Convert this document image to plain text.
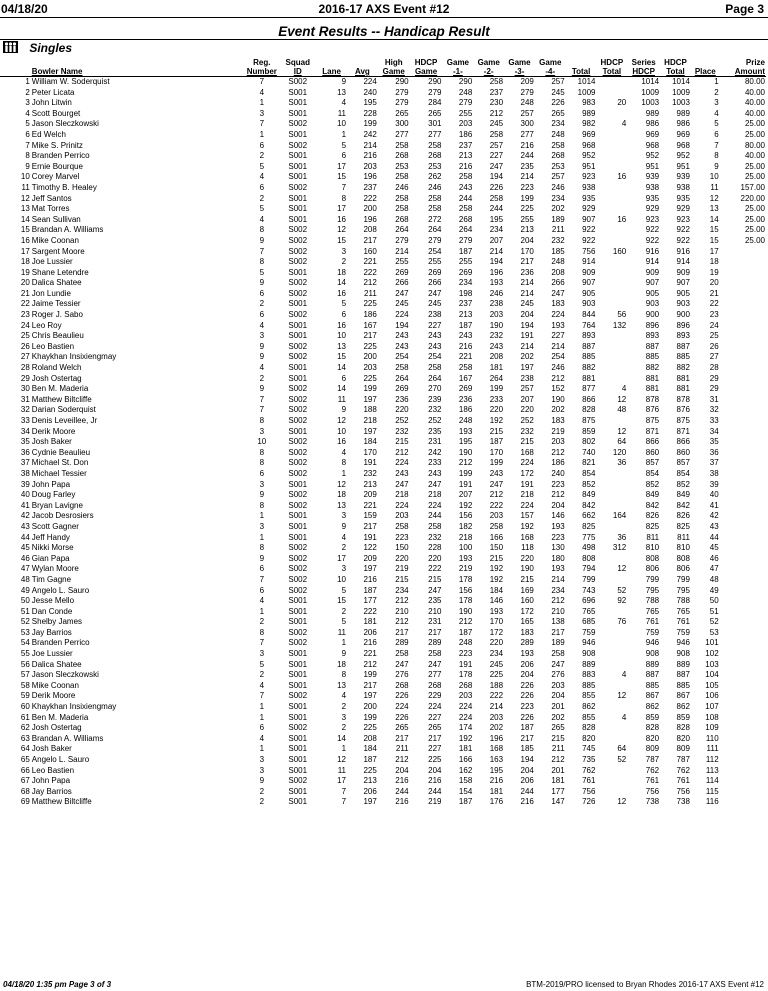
04/18/20	2016-17 AXS Event #12	Page 3
Event Results -- Handicap Result
Singles
		Reg.	Squad			High	HDCP	Game	Game	Game	Game		HDCP	Series	HDCP		Prize
	Bowler Name	Number	ID	Lane	Avg	Game	Game	-1-	-2-	-3-	-4-	Total	Total	HDCP	Total	Place	Amount
1	William W. Soderquist	7	S002	9	224	290	290	290	258	209	257	1014		1014	1014	1	80.00
2	Peter Licata	4	S001	13	240	279	279	248	237	279	245	1009		1009	1009	2	40.00
3	John Litwin	1	S001	4	195	279	284	279	230	248	226	983	20	1003	1003	3	40.00
4	Scott Bourget	3	S001	11	228	265	265	255	212	257	265	989		989	989	4	40.00
5	Jason Sleczkowski	7	S002	10	199	300	301	203	245	300	234	982	4	986	986	5	25.00
6	Ed Welch	1	S001	1	242	277	277	186	258	277	248	969		969	969	6	25.00
7	Mike S. Prinitz	6	S002	5	214	258	258	237	257	216	258	968		968	968	7	80.00
8	Branden Perrico	2	S001	6	216	268	268	213	227	244	268	952		952	952	8	40.00
9	Ernie Bourque	5	S001	17	203	253	253	216	247	235	253	951		951	951	9	25.00
10	Corey Marvel	4	S001	15	196	258	262	258	194	214	257	923	16	939	939	10	25.00
11	Timothy B. Healey	6	S002	7	237	246	246	243	226	223	246	938		938	938	11	157.00
12	Jeff Santos	2	S001	8	222	258	258	244	258	199	234	935		935	935	12	220.00
13	Mat Torres	5	S001	17	200	258	258	258	244	225	202	929		929	929	13	25.00
14	Sean Sullivan	4	S001	16	196	268	272	268	195	255	189	907	16	923	923	14	25.00
15	Brandan A. Williams	8	S002	12	208	264	264	264	234	213	211	922		922	922	15	25.00
16	Mike Coonan	9	S002	15	217	279	279	279	207	204	232	922		922	922	15	25.00
17	Sargent Moore	7	S002	3	160	214	254	187	214	170	185	756	160	916	916	17	
18	Joe Lussier	8	S002	2	221	255	255	255	194	217	248	914		914	914	18	
19	Shane Letendre	5	S001	18	222	269	269	269	196	236	208	909		909	909	19	
20	Dalica Shatee	9	S002	14	212	266	266	234	193	214	266	907		907	907	20	
21	Jon Lundie	6	S002	16	211	247	247	198	246	214	247	905		905	905	21	
22	Jaime Tessier	2	S001	5	225	245	245	237	238	245	183	903		903	903	22	
23	Roger J. Sabo	6	S002	6	186	224	238	213	203	204	224	844	56	900	900	23	
24	Leo Roy	4	S001	16	167	194	227	187	190	194	193	764	132	896	896	24	
25	Chris Beaulieu	3	S001	10	217	243	243	243	232	191	227	893		893	893	25	
26	Leo Bastien	9	S002	13	225	243	243	216	243	214	214	887		887	887	26	
27	Khaykhan Insixiengmay	9	S002	15	200	254	254	221	208	202	254	885		885	885	27	
28	Roland Welch	4	S001	14	203	258	258	258	181	197	246	882		882	882	28	
29	Josh Ostertag	2	S001	6	225	264	264	167	264	238	212	881		881	881	29	
30	Ben M. Maderia	9	S002	14	199	269	270	269	199	257	152	877	4	881	881	29	
31	Matthew Biltcliffe	7	S002	11	197	236	239	236	233	207	190	866	12	878	878	31	
32	Darian Soderquist	7	S002	9	188	220	232	186	220	220	202	828	48	876	876	32	
33	Denis Leveillee, Jr	8	S002	12	218	252	252	248	192	252	183	875		875	875	33	
34	Derik Moore	3	S001	10	197	232	235	193	215	232	219	859	12	871	871	34	
35	Josh Baker	10	S002	16	184	215	231	195	187	215	203	802	64	866	866	35	
36	Cydnie Beaulieu	8	S002	4	170	212	242	190	170	168	212	740	120	860	860	36	
37	Michael St. Don	8	S002	8	191	224	233	212	199	224	186	821	36	857	857	37	
38	Michael Tessier	6	S002	1	232	243	243	199	243	172	240	854		854	854	38	
39	John Papa	3	S001	12	213	247	247	191	247	191	223	852		852	852	39	
40	Doug Farley	9	S002	18	209	218	218	207	212	218	212	849		849	849	40	
41	Bryan Lavigne	8	S002	13	221	224	224	192	222	224	204	842		842	842	41	
42	Jacob Desrosiers	1	S001	3	159	203	244	156	203	157	146	662	164	826	826	42	
43	Scott Gagner	3	S001	9	217	258	258	182	258	192	193	825		825	825	43	
44	Jeff Handy	1	S001	4	191	223	232	218	166	168	223	775	36	811	811	44	
45	Nikki Morse	8	S002	2	122	150	228	100	150	118	130	498	312	810	810	45	
46	Gian Papa	9	S002	17	209	220	220	193	215	220	180	808		808	808	46	
47	Wylan Moore	6	S002	3	197	219	222	219	192	190	193	794	12	806	806	47	
48	Tim Gagne	7	S002	10	216	215	215	178	192	215	214	799		799	799	48	
49	Angelo L. Sauro	6	S002	5	187	234	247	156	184	169	234	743	52	795	795	49	
50	Jesse Mello	4	S001	15	177	212	235	178	146	160	212	696	92	788	788	50	
51	Dan Conde	1	S001	2	222	210	210	190	193	172	210	765		765	765	51	
52	Shelby James	2	S001	5	181	212	231	212	170	165	138	685	76	761	761	52	
53	Jay Barrios	8	S002	11	206	217	217	187	172	183	217	759		759	759	53	
54	Branden Perrico	7	S002	1	216	289	289	248	220	289	189	946		946	946	101	
55	Joe Lussier	3	S001	9	221	258	258	223	234	193	258	908		908	908	102	
56	Dalica Shatee	5	S001	18	212	247	247	191	245	206	247	889		889	889	103	
57	Jason Sleczkowski	2	S001	8	199	276	277	178	225	204	276	883	4	887	887	104	
58	Mike Coonan	4	S001	13	217	268	268	268	188	226	203	885		885	885	105	
59	Derik Moore	7	S002	4	197	226	229	203	222	226	204	855	12	867	867	106	
60	Khaykhan Insixiengmay	1	S001	2	200	224	224	224	214	223	201	862		862	862	107	
61	Ben M. Maderia	1	S001	3	199	226	227	224	203	226	202	855	4	859	859	108	
62	Josh Ostertag	6	S002	2	225	265	265	174	202	187	265	828		828	828	109	
63	Brandan A. Williams	4	S001	14	208	217	217	192	196	217	215	820		820	820	110	
64	Josh Baker	1	S001	1	184	211	227	181	168	185	211	745	64	809	809	111	
65	Angelo L. Sauro	3	S001	12	187	212	225	166	163	194	212	735	52	787	787	112	
66	Leo Bastien	3	S001	11	225	204	204	162	195	204	201	762		762	762	113	
67	John Papa	9	S002	17	213	216	216	158	216	206	181	761		761	761	114	
68	Jay Barrios	2	S001	7	206	244	244	154	181	244	177	756		756	756	115	
69	Matthew Biltcliffe	2	S001	7	197	216	219	187	176	216	147	726	12	738	738	116	
04/18/20 1:35 pm Page 3 of 3	BTM-2019/PRO licensed to Bryan Rhodes 2016-17 AXS Event #12
